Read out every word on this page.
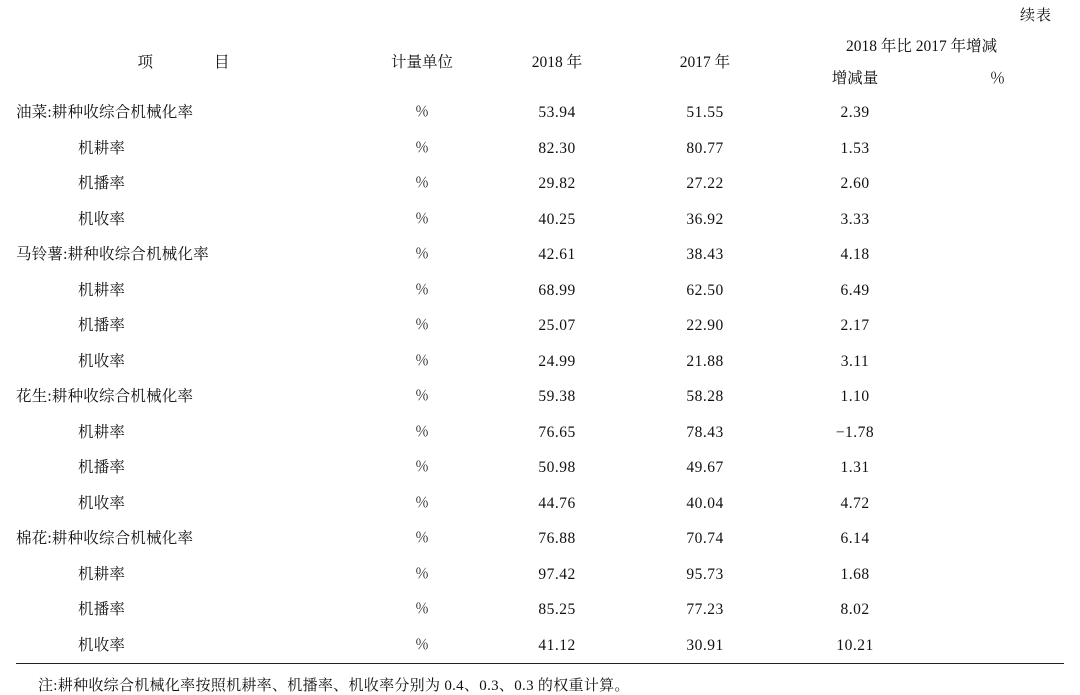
续表
项　　目	计量单位	2018 年	2017 年	2018 年比 2017 年增减	
				增减量	％
油菜:耕种收综合机械化率	％	53.94	51.55	2.39	
机耕率	％	82.30	80.77	1.53	
机播率	％	29.82	27.22	2.60	
机收率	％	40.25	36.92	3.33	
马铃薯:耕种收综合机械化率	％	42.61	38.43	4.18	
机耕率	％	68.99	62.50	6.49	
机播率	％	25.07	22.90	2.17	
机收率	％	24.99	21.88	3.11	
花生:耕种收综合机械化率	％	59.38	58.28	1.10	
机耕率	％	76.65	78.43	−1.78	
机播率	％	50.98	49.67	1.31	
机收率	％	44.76	40.04	4.72	
棉花:耕种收综合机械化率	％	76.88	70.74	6.14	
机耕率	％	97.42	95.73	1.68	
机播率	％	85.25	77.23	8.02	
机收率	％	41.12	30.91	10.21	
注:耕种收综合机械化率按照机耕率、机播率、机收率分别为 0.4、0.3、0.3 的权重计算。
